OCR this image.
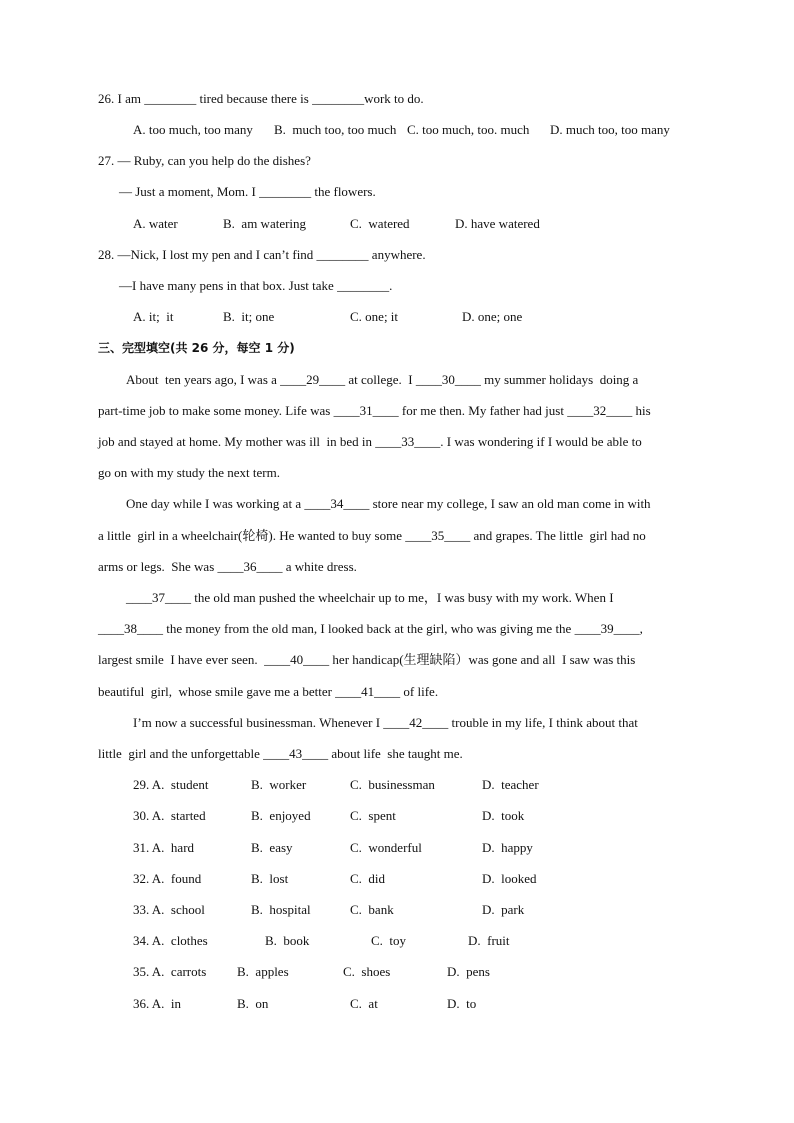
26. I am ________ tired because there is ________work to do.
A. too much, too many B.  much too, too much C. too much, too. much D. much too, too many
27. — Ruby, can you help do the dishes?
— Just a moment, Mom. I ________ the flowers.
A. water	B.  am watering	C.  watered	D. have watered
28. —Nick, I lost my pen and I can’t find ________ anywhere.
—I have many pens in that box. Just take ________.
A. it;  it	B.  it; one	C. one; it	D. one; one
三、完型填空(共 26 分，每空 1 分)
About  ten years ago, I was a ____29____ at college.  I ____30____ my summer holidays  doing a
part-time job to make some money. Life was ____31____ for me then. My father had just ____32____ his
job and stayed at home. My mother was ill  in bed in ____33____. I was wondering if I would be able to
go on with my study the next term.
One day while I was working at a ____34____ store near my college, I saw an old man come in with
a little  girl in a wheelchair(轮椅). He wanted to buy some ____35____ and grapes. The little  girl had no
arms or legs.  She was ____36____ a white dress.
____37____ the old man pushed the wheelchair up to me，I was busy with my work. When I
____38____ the money from the old man, I looked back at the girl, who was giving me the ____39____,
largest smile  I have ever seen.  ____40____ her handicap(生理缺陷）was gone and all  I saw was this
beautiful  girl,  whose smile gave me a better ____41____ of life.
I’m now a successful businessman. Whenever I ____42____ trouble in my life, I think about that
little  girl and the unforgettable ____43____ about life  she taught me.
29. A.  student	B.  worker	C.  businessman	D.  teacher
30. A.  started	B.  enjoyed	C.  spent	D.  took
31. A.  hard	B.  easy	C.  wonderful	D.  happy
32. A.  found	B.  lost	C.  did	D.  looked
33. A.  school	B.  hospital	C.  bank	D.  park
34. A.  clothes	B.  book	C.  toy	D.  fruit
35. A.  carrots B.  apples	C.  shoes	D.  pens
36. A.  in	B.  on	C.  at	D.  to
